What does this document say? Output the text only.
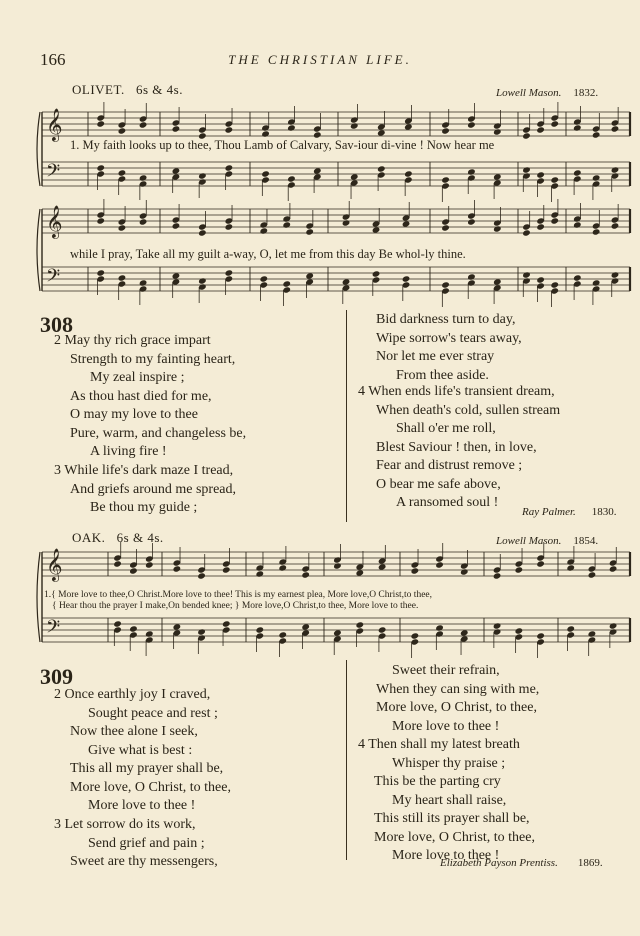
166	THE CHRISTIAN LIFE.
OLIVET. 6s & 4s.	Lowell Mason. 1832.
𝄞
𝄢
1. My faith looks up to thee, Thou Lamb of Calvary, Sav-iour di-vine ! Now hear me
𝄞
𝄢
while I pray, Take all my guilt a-way, O, let me from this day Be whol-ly thine.
308
2 May thy rich grace impart
Strength to my fainting heart,
My zeal inspire ;
As thou hast died for me,
O may my love to thee
Pure, warm, and changeless be,
A living fire !
3 While life's dark maze I tread,
And griefs around me spread,
Be thou my guide ;
Bid darkness turn to day,
Wipe sorrow's tears away,
Nor let me ever stray
From thee aside.
4 When ends life's transient dream,
When death's cold, sullen stream
Shall o'er me roll,
Blest Saviour ! then, in love,
Fear and distrust remove ;
O bear me safe above,
A ransomed soul !
Ray Palmer. 1830.
OAK. 6s & 4s.	Lowell Mason. 1854.
𝄞
𝄢
1.{ More love to thee,O Christ.More love to thee! This is my earnest plea, More love,O Christ,to thee,
{ Hear thou the prayer I make,On bended knee; } More love,O Christ,to thee, More love to thee.
309
2 Once earthly joy I craved,
Sought peace and rest ;
Now thee alone I seek,
Give what is best :
This all my prayer shall be,
More love, O Christ, to thee,
More love to thee !
3 Let sorrow do its work,
Send grief and pain ;
Sweet are thy messengers,
Sweet their refrain,
When they can sing with me,
More love, O Christ, to thee,
More love to thee !
4 Then shall my latest breath
Whisper thy praise ;
This be the parting cry
My heart shall raise,
This still its prayer shall be,
More love, O Christ, to thee,
More love to thee !
Elizabeth Payson Prentiss. 1869.
